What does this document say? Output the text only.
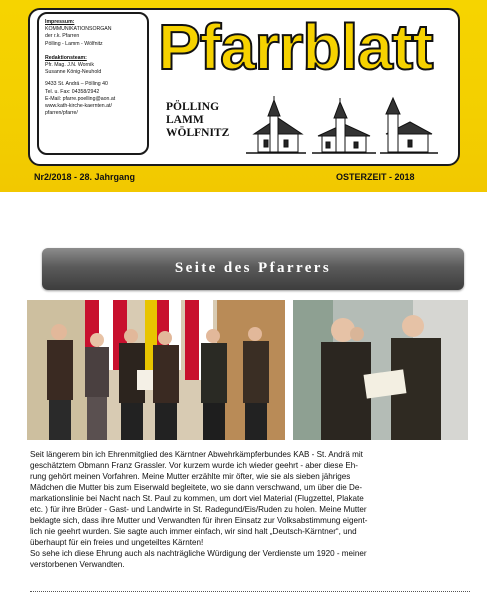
Impressum:
KOMMUNIKATIONSORGAN
der r.k. Pfarren
Pölling - Lamm - Wölfnitz
Redaktionsteam:
Pfr. Mag. J.N. Wornik
Susanne König-Neuhold
9433 St. Andrä – Pölling 40
Tel. u. Fax: 04358/2942
E-Mail: pfarre.poelling@aon.at
www.kath-kirche-kaernten.at/
pfarren/pfarre/
Pfarrblatt
PÖLLING
LAMM
WÖLFNITZ
Nr2/2018 - 28. Jahrgang	OSTERZEIT - 2018
Seite des Pfarrers

Seit längerem bin ich Ehrenmitglied des Kärntner Abwehrkämpferbundes KAB - St. Andrä mit

geschätztem Obmann Franz Grassler. Vor kurzem wurde ich wieder geehrt - aber diese Eh-

rung gehört meinen Vorfahren. Meine Mutter erzählte mir öfter, wie sie als sieben jähriges

Mädchen die Mutter bis zum Eiserwald begleitete, wo sie dann verschwand, um über die De-

markationslinie bei Nacht nach St. Paul zu kommen, um dort viel Material (Flugzettel, Plakate

etc. ) für ihre Brüder - Gast- und Landwirte in St. Radegund/Eis/Ruden zu holen. Meine Mutter

beklagte sich, dass ihre Mutter und Verwandten für ihren Einsatz zur Volksabstimmung eigent-

lich nie geehrt wurden. Sie sagte auch immer einfach, wir sind halt „Deutsch-Kärntner“, und

überhaupt für ein freies und ungeteiltes Kärnten!

So sehe ich diese Ehrung auch als nachträgliche Würdigung der Verdienste um 1920 - meiner

verstorbenen Verwandten.
